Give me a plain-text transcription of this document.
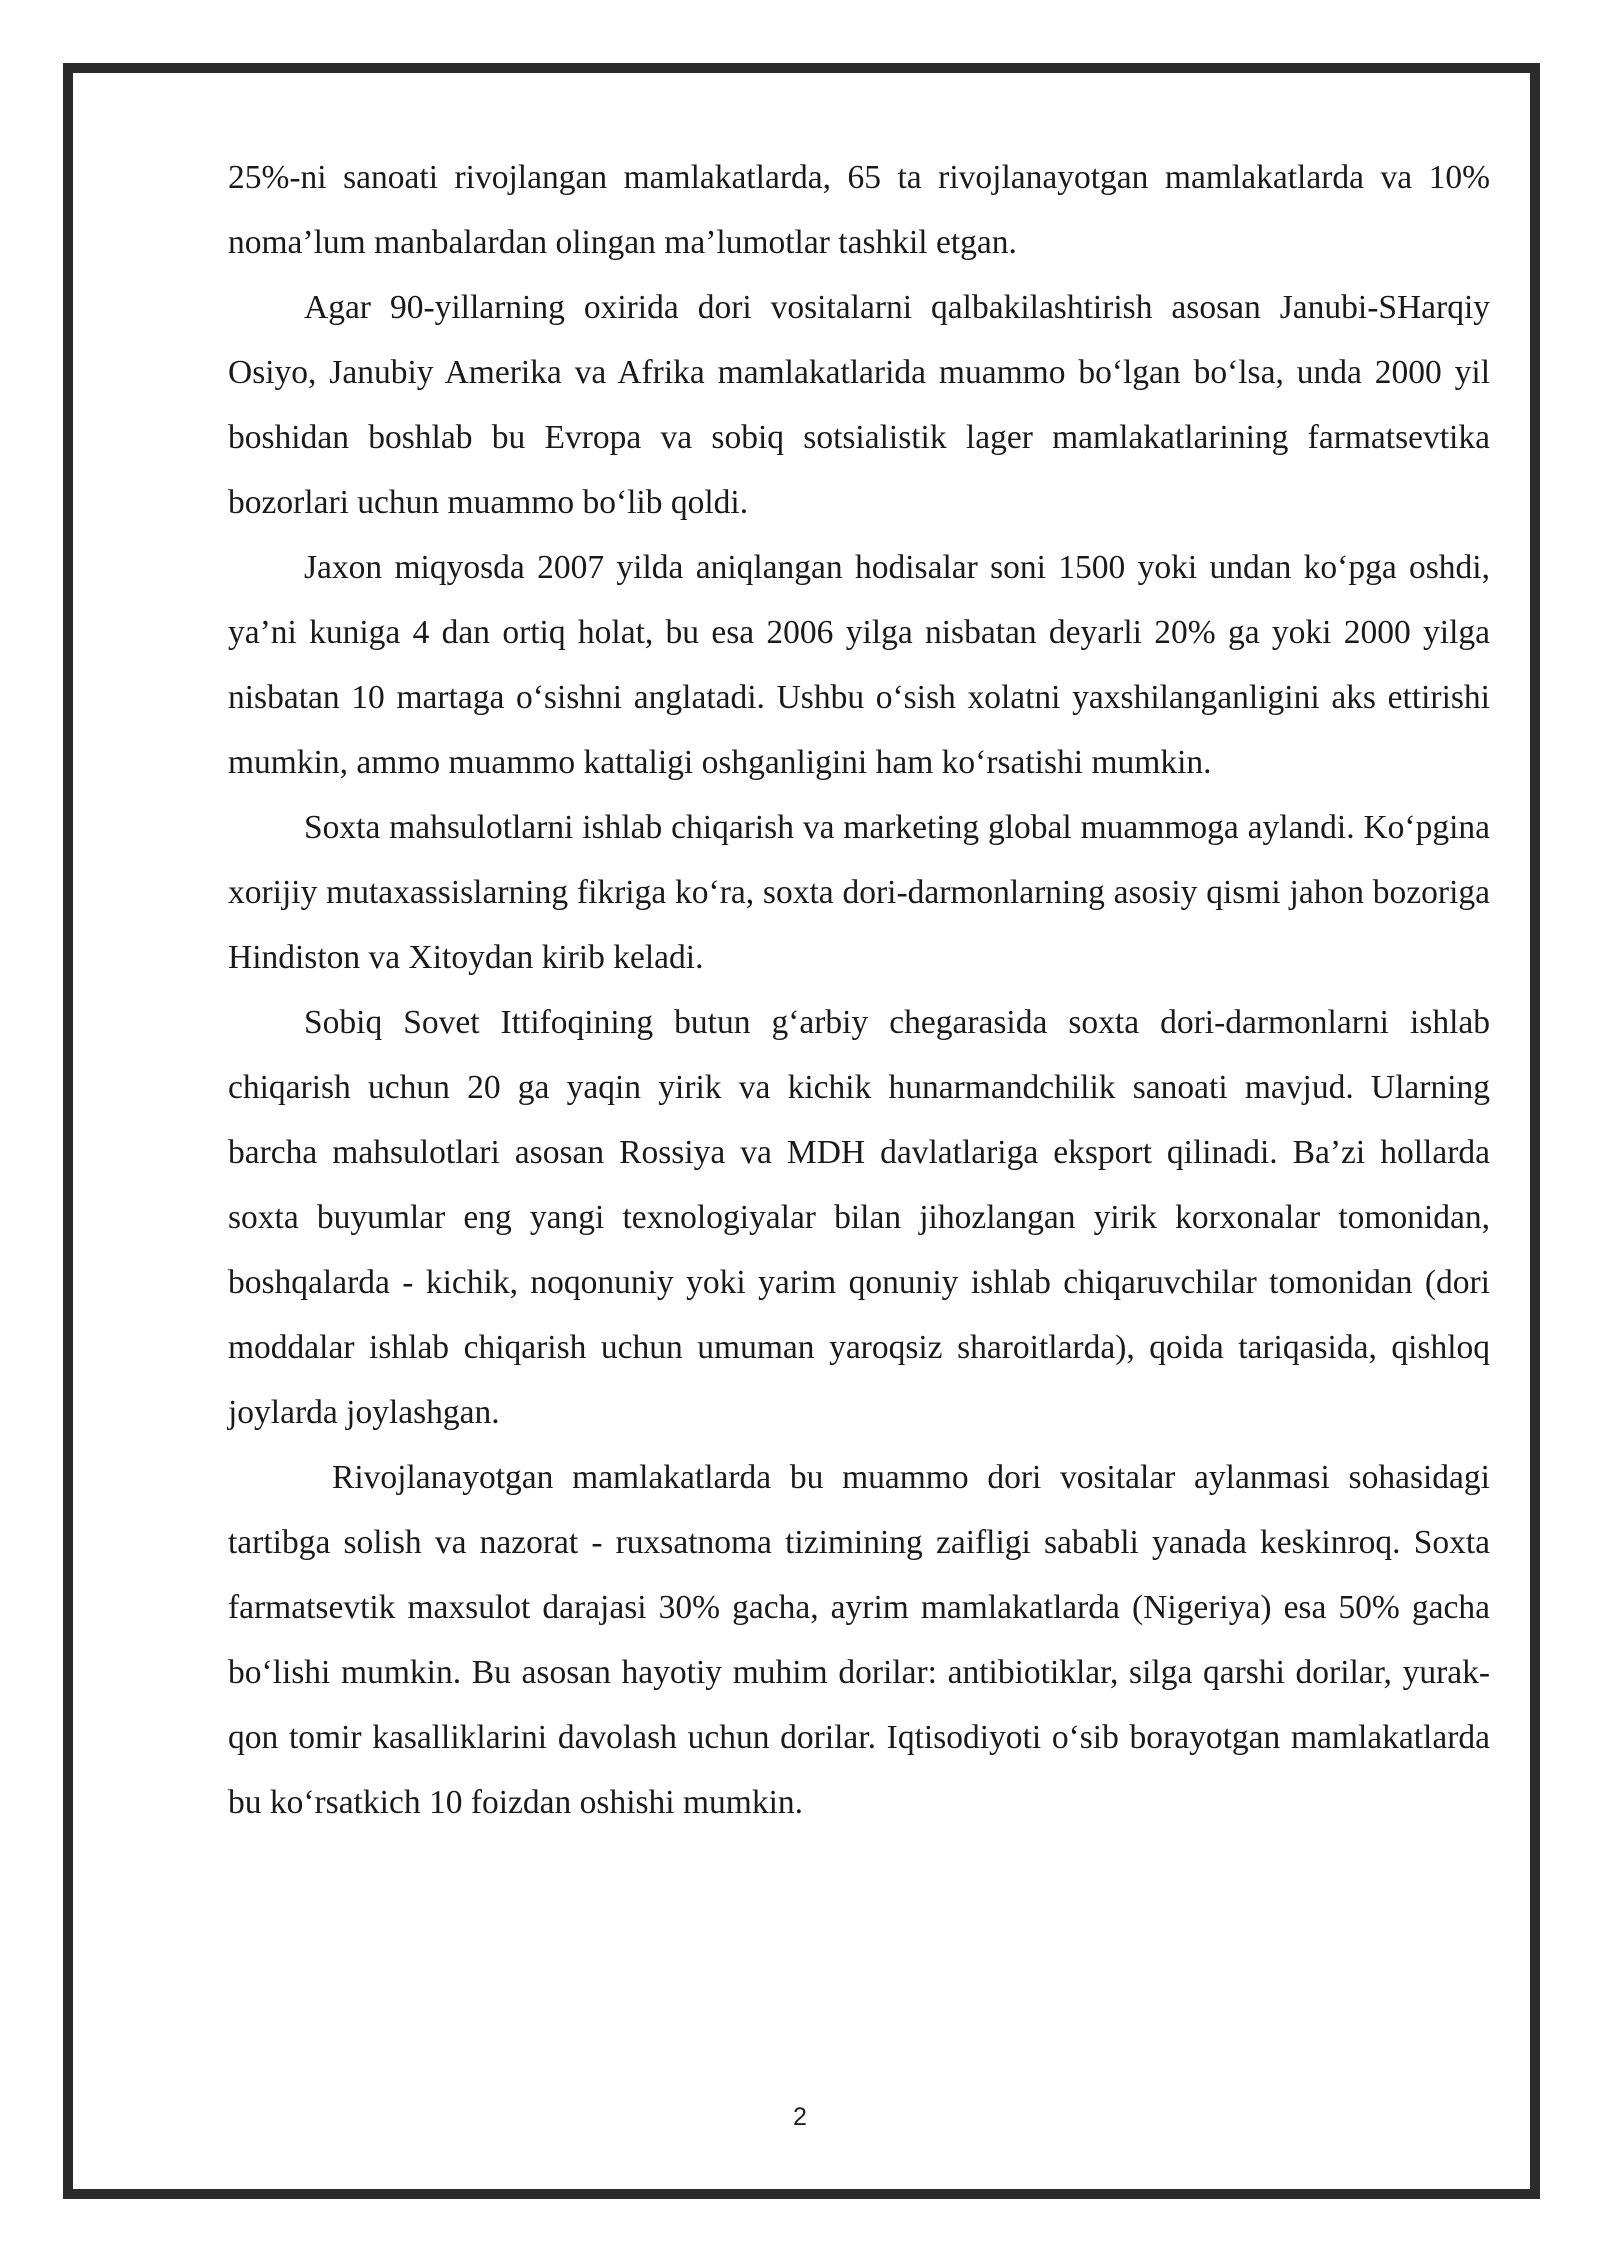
25%-ni sanoati rivojlangan mamlakatlarda, 65 ta rivojlanayotgan mamlakatlarda va 10% noma’lum manbalardan olingan ma’lumotlar tashkil etgan.

Agar 90-yillarning oxirida dori vositalarni qalbakilashtirish asosan Janubi-SHarqiy Osiyo, Janubiy Amerika va Afrika mamlakatlarida muammo bo‘lgan bo‘lsa, unda 2000 yil boshidan boshlab bu Evropa va sobiq sotsialistik lager mamlakatlarining farmatsevtika bozorlari uchun muammo bo‘lib qoldi.

Jaxon miqyosda 2007 yilda aniqlangan hodisalar soni 1500 yoki undan ko‘pga oshdi, ya’ni kuniga 4 dan ortiq holat, bu esa 2006 yilga nisbatan deyarli 20% ga yoki 2000 yilga nisbatan 10 martaga o‘sishni anglatadi. Ushbu o‘sish xolatni yaxshilanganligini aks ettirishi mumkin, ammo muammo kattaligi oshganligini ham ko‘rsatishi mumkin.

Soxta mahsulotlarni ishlab chiqarish va marketing global muammoga aylandi. Ko‘pgina xorijiy mutaxassislarning fikriga ko‘ra, soxta dori-darmonlarning asosiy qismi jahon bozoriga Hindiston va Xitoydan kirib keladi.

Sobiq Sovet Ittifoqining butun g‘arbiy chegarasida soxta dori-darmonlarni ishlab chiqarish uchun 20 ga yaqin yirik va kichik hunarmandchilik sanoati mavjud. Ularning barcha mahsulotlari asosan Rossiya va MDH davlatlariga eksport qilinadi. Ba’zi hollarda soxta buyumlar eng yangi texnologiyalar bilan jihozlangan yirik korxonalar tomonidan, boshqalarda - kichik, noqonuniy yoki yarim qonuniy ishlab chiqaruvchilar tomonidan (dori moddalar ishlab chiqarish uchun umuman yaroqsiz sharoitlarda), qoida tariqasida, qishloq joylarda joylashgan.

Rivojlanayotgan mamlakatlarda bu muammo dori vositalar aylanmasi sohasidagi tartibga solish va nazorat - ruxsatnoma tizimining zaifligi sababli yanada keskinroq. Soxta farmatsevtik maxsulot darajasi 30% gacha, ayrim mamlakatlarda (Nigeriya) esa 50% gacha bo‘lishi mumkin. Bu asosan hayotiy muhim dorilar: antibiotiklar, silga qarshi dorilar, yurak-qon tomir kasalliklarini davolash uchun dorilar. Iqtisodiyoti o‘sib borayotgan mamlakatlarda bu ko‘rsatkich 10 foizdan oshishi mumkin.

2
